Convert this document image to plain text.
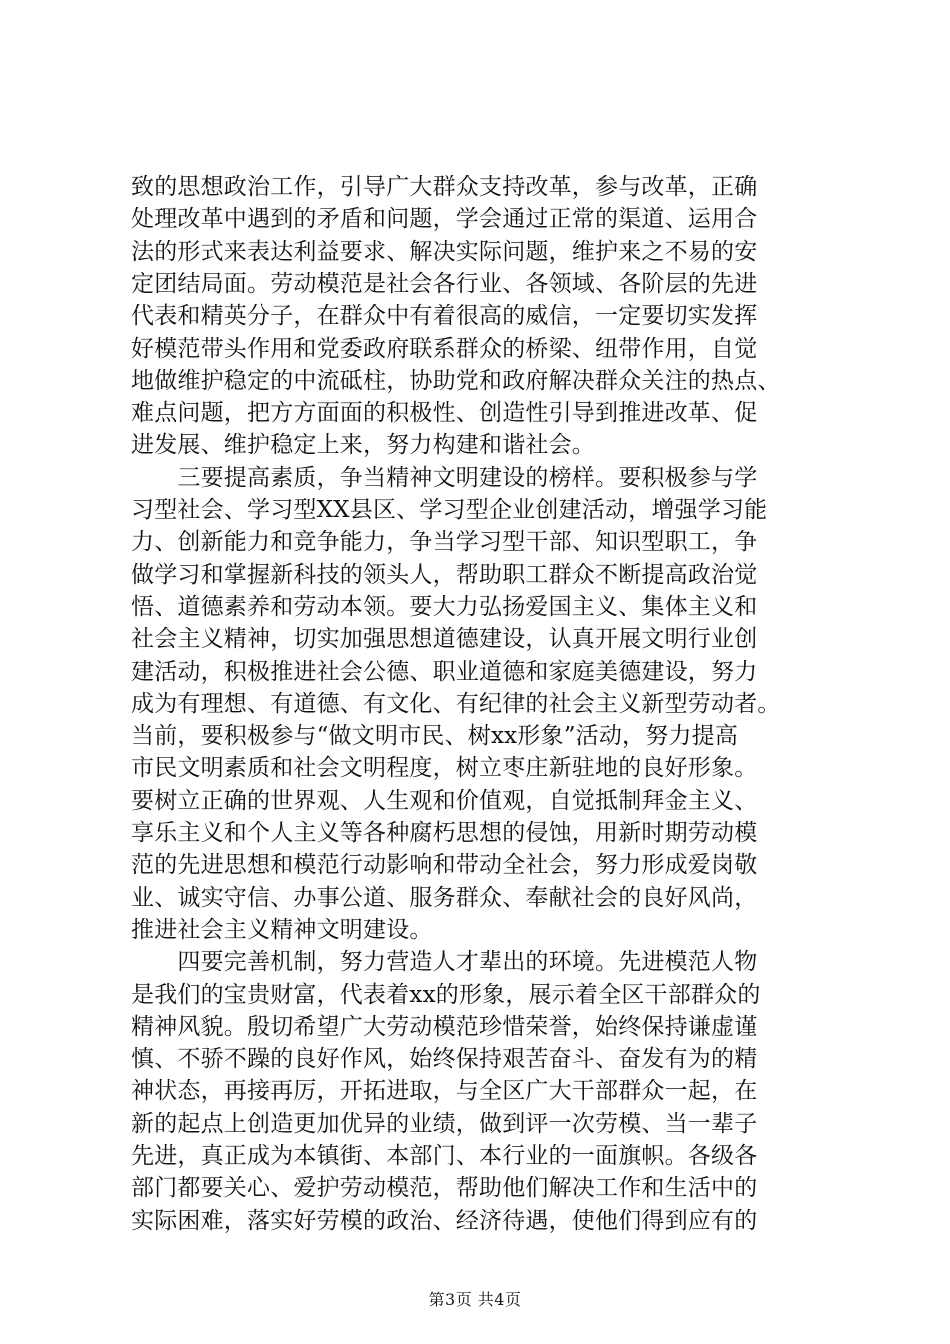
致的思想政治工作，引导广大群众支持改革，参与改革，正确
处理改革中遇到的矛盾和问题，学会通过正常的渠道、运用合
法的形式来表达利益要求、解决实际问题，维护来之不易的安
定团结局面。劳动模范是社会各行业、各领域、各阶层的先进
代表和精英分子，在群众中有着很高的威信，一定要切实发挥
好模范带头作用和党委政府联系群众的桥梁、纽带作用，自觉
地做维护稳定的中流砥柱，协助党和政府解决群众关注的热点、
难点问题，把方方面面的积极性、创造性引导到推进改革、促
进发展、维护稳定上来，努力构建和谐社会。
　　三要提高素质，争当精神文明建设的榜样。要积极参与学
习型社会、学习型XX县区、学习型企业创建活动，增强学习能
力、创新能力和竞争能力，争当学习型干部、知识型职工，争
做学习和掌握新科技的领头人，帮助职工群众不断提高政治觉
悟、道德素养和劳动本领。要大力弘扬爱国主义、集体主义和
社会主义精神，切实加强思想道德建设，认真开展文明行业创
建活动，积极推进社会公德、职业道德和家庭美德建设，努力
成为有理想、有道德、有文化、有纪律的社会主义新型劳动者。
当前，要积极参与“做文明市民、树xx形象”活动，努力提高
市民文明素质和社会文明程度，树立枣庄新驻地的良好形象。
要树立正确的世界观、人生观和价值观，自觉抵制拜金主义、
享乐主义和个人主义等各种腐朽思想的侵蚀，用新时期劳动模
范的先进思想和模范行动影响和带动全社会，努力形成爱岗敬
业、诚实守信、办事公道、服务群众、奉献社会的良好风尚，
推进社会主义精神文明建设。
　　四要完善机制，努力营造人才辈出的环境。先进模范人物
是我们的宝贵财富，代表着xx的形象，展示着全区干部群众的
精神风貌。殷切希望广大劳动模范珍惜荣誉，始终保持谦虚谨
慎、不骄不躁的良好作风，始终保持艰苦奋斗、奋发有为的精
神状态，再接再厉，开拓进取，与全区广大干部群众一起，在
新的起点上创造更加优异的业绩，做到评一次劳模、当一辈子
先进，真正成为本镇街、本部门、本行业的一面旗帜。各级各
部门都要关心、爱护劳动模范，帮助他们解决工作和生活中的
实际困难，落实好劳模的政治、经济待遇，使他们得到应有的
第3页 共4页
